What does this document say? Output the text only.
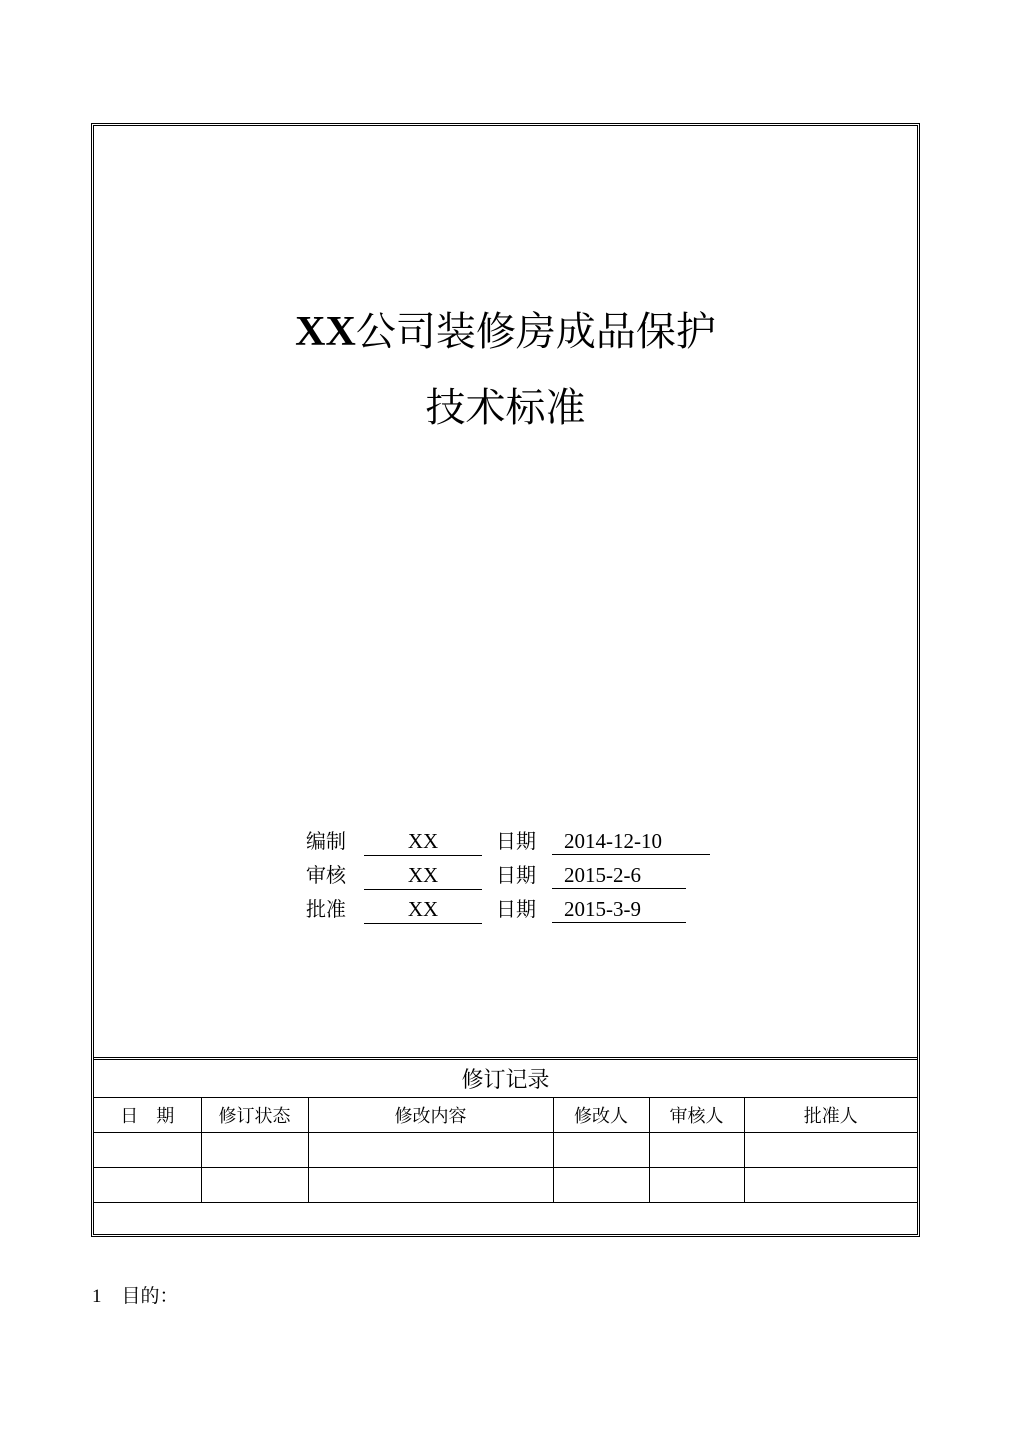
XX公司装修房成品保护
技术标准
编制	XX	日期	2014-12-10
审核	XX	日期	2015-2-6
批准	XX	日期	2015-3-9
修订记录					
日　期	修订状态	修改内容	修改人	审核人	批准人

1 目的：
